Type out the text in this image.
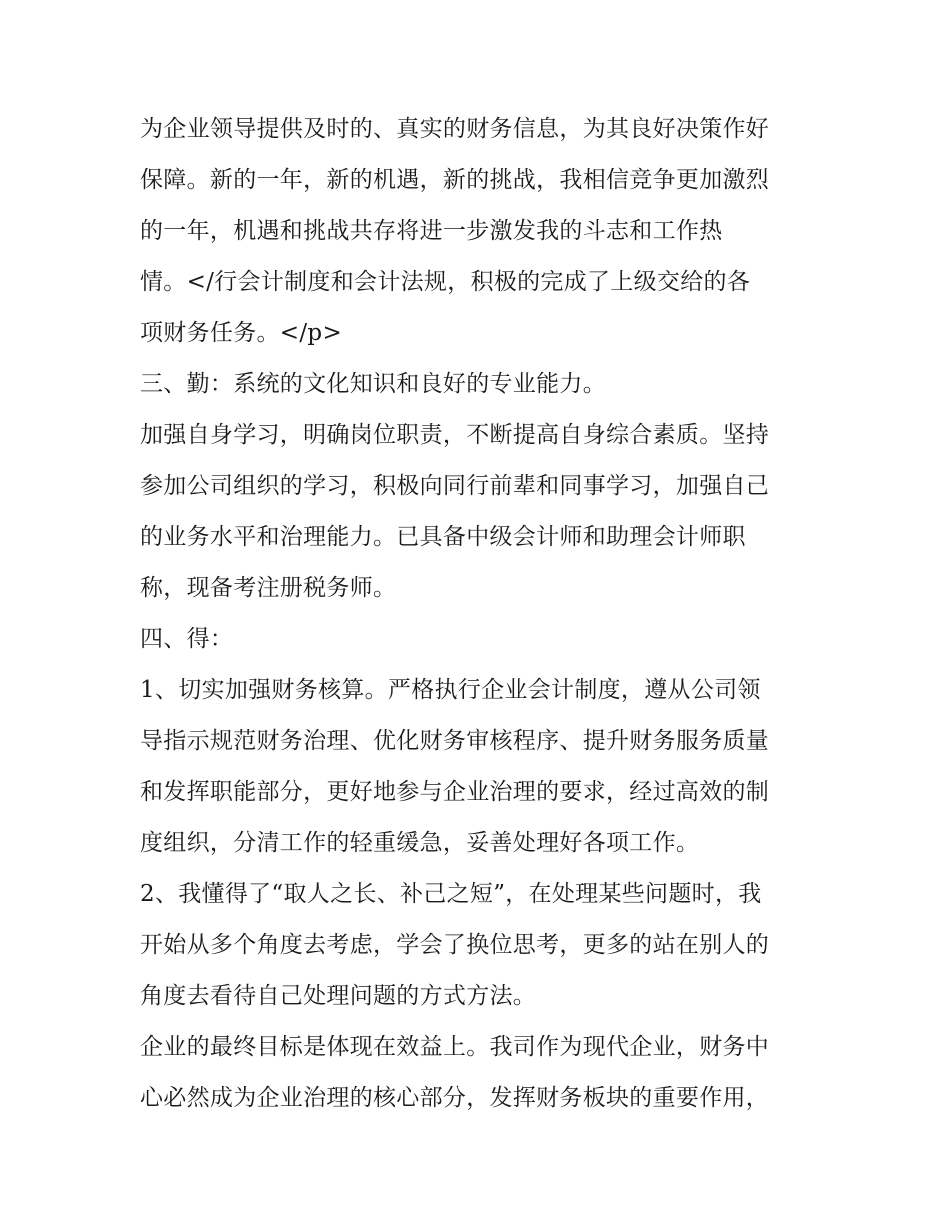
为企业领导提供及时的、真实的财务信息，为其良好决策作好
保障。新的一年，新的机遇，新的挑战，我相信竞争更加激烈
的一年，机遇和挑战共存将进一步激发我的斗志和工作热
情。</行会计制度和会计法规，积极的完成了上级交给的各
项财务任务。</p>
三、勤：系统的文化知识和良好的专业能力。
加强自身学习，明确岗位职责，不断提高自身综合素质。坚持
参加公司组织的学习，积极向同行前辈和同事学习，加强自己
的业务水平和治理能力。已具备中级会计师和助理会计师职
称，现备考注册税务师。
四、得：
1、切实加强财务核算。严格执行企业会计制度，遵从公司领
导指示规范财务治理、优化财务审核程序、提升财务服务质量
和发挥职能部分，更好地参与企业治理的要求，经过高效的制
度组织，分清工作的轻重缓急，妥善处理好各项工作。
2、我懂得了“取人之长、补己之短”，在处理某些问题时，我
开始从多个角度去考虑，学会了换位思考，更多的站在别人的
角度去看待自己处理问题的方式方法。
企业的最终目标是体现在效益上。我司作为现代企业，财务中
心必然成为企业治理的核心部分，发挥财务板块的重要作用，
